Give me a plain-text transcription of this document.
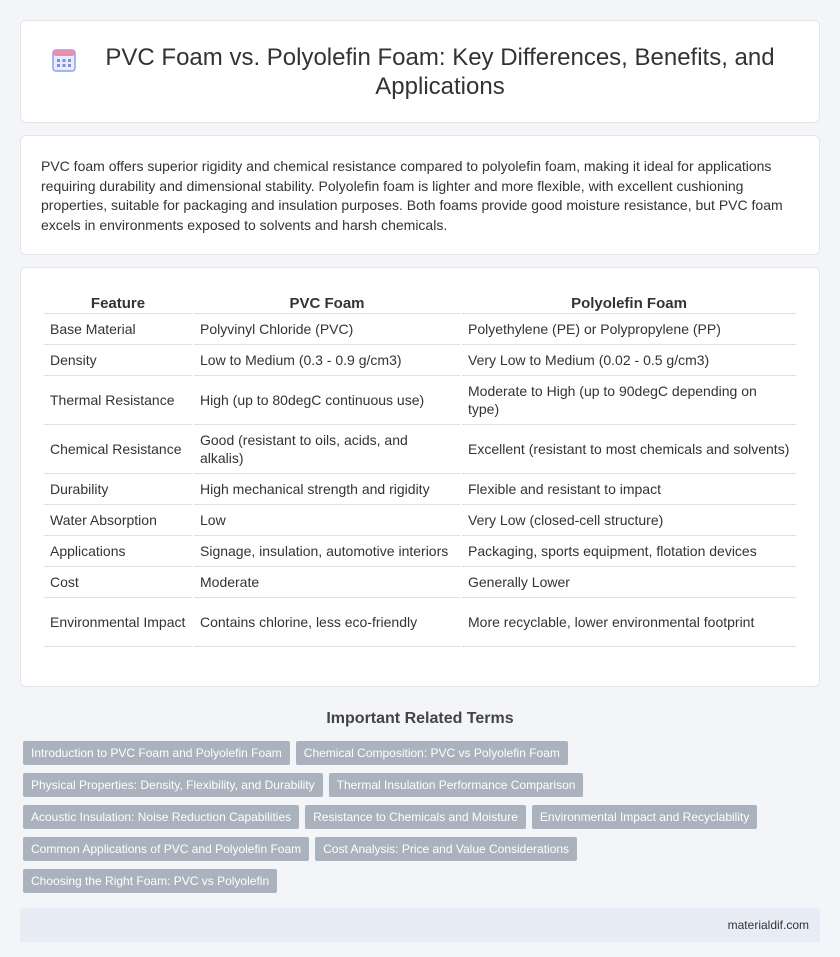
PVC Foam vs. Polyolefin Foam: Key Differences, Benefits, and Applications

PVC foam offers superior rigidity and chemical resistance compared to polyolefin foam, making it ideal for applications requiring durability and dimensional stability. Polyolefin foam is lighter and more flexible, with excellent cushioning properties, suitable for packaging and insulation purposes. Both foams provide good moisture resistance, but PVC foam excels in environments exposed to solvents and harsh chemicals.

Feature	PVC Foam	Polyolefin Foam
Base Material	Polyvinyl Chloride (PVC)	Polyethylene (PE) or Polypropylene (PP)
Density	Low to Medium (0.3 - 0.9 g/cm3)	Very Low to Medium (0.02 - 0.5 g/cm3)
Thermal Resistance	High (up to 80degC continuous use)	Moderate to High (up to 90degC depending on type)
Chemical Resistance	Good (resistant to oils, acids, and alkalis)	Excellent (resistant to most chemicals and solvents)
Durability	High mechanical strength and rigidity	Flexible and resistant to impact
Water Absorption	Low	Very Low (closed-cell structure)
Applications	Signage, insulation, automotive interiors	Packaging, sports equipment, flotation devices
Cost	Moderate	Generally Lower
Environmental Impact	Contains chlorine, less eco-friendly	More recyclable, lower environmental footprint
Important Related Terms
Introduction to PVC Foam and Polyolefin Foam	Chemical Composition: PVC vs Polyolefin Foam
Physical Properties: Density, Flexibility, and Durability	Thermal Insulation Performance Comparison
Acoustic Insulation: Noise Reduction Capabilities	Resistance to Chemicals and Moisture	Environmental Impact and Recyclability
Common Applications of PVC and Polyolefin Foam	Cost Analysis: Price and Value Considerations
Choosing the Right Foam: PVC vs Polyolefin
materialdif.com
